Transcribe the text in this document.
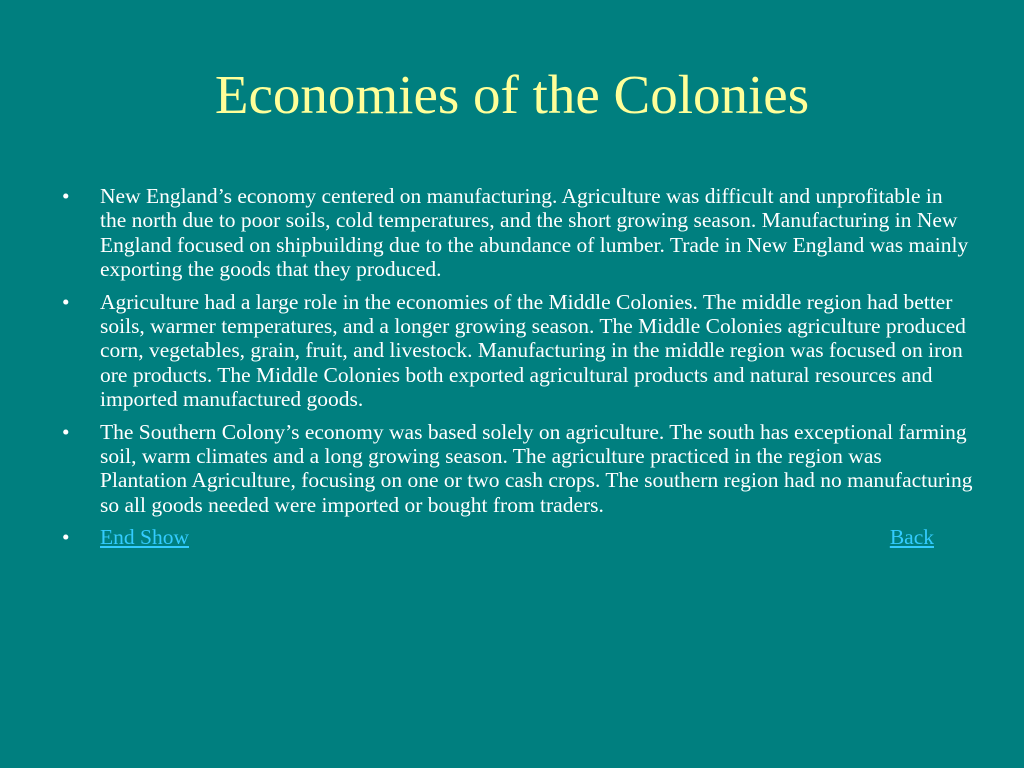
Economies of the Colonies
•	New England’s economy centered on manufacturing. Agriculture was difficult and unprofitable in the north due to poor soils, cold temperatures, and the short growing season. Manufacturing in New England focused on shipbuilding due to the abundance of lumber. Trade in New England was mainly exporting the goods that they produced.
•	Agriculture had a large role in the economies of the Middle Colonies. The middle region had better soils, warmer temperatures, and a longer growing season. The Middle Colonies agriculture produced corn, vegetables, grain, fruit, and livestock. Manufacturing in the middle region was focused on iron ore products. The Middle Colonies both exported agricultural products and natural resources and imported manufactured goods.
•	The Southern Colony’s economy was based solely on agriculture. The south has exceptional farming soil, warm climates and a long growing season. The agriculture practiced in the region was Plantation Agriculture, focusing on one or two cash crops. The southern region had no manufacturing so all goods needed were imported or bought from traders.
•	End Show	Back
